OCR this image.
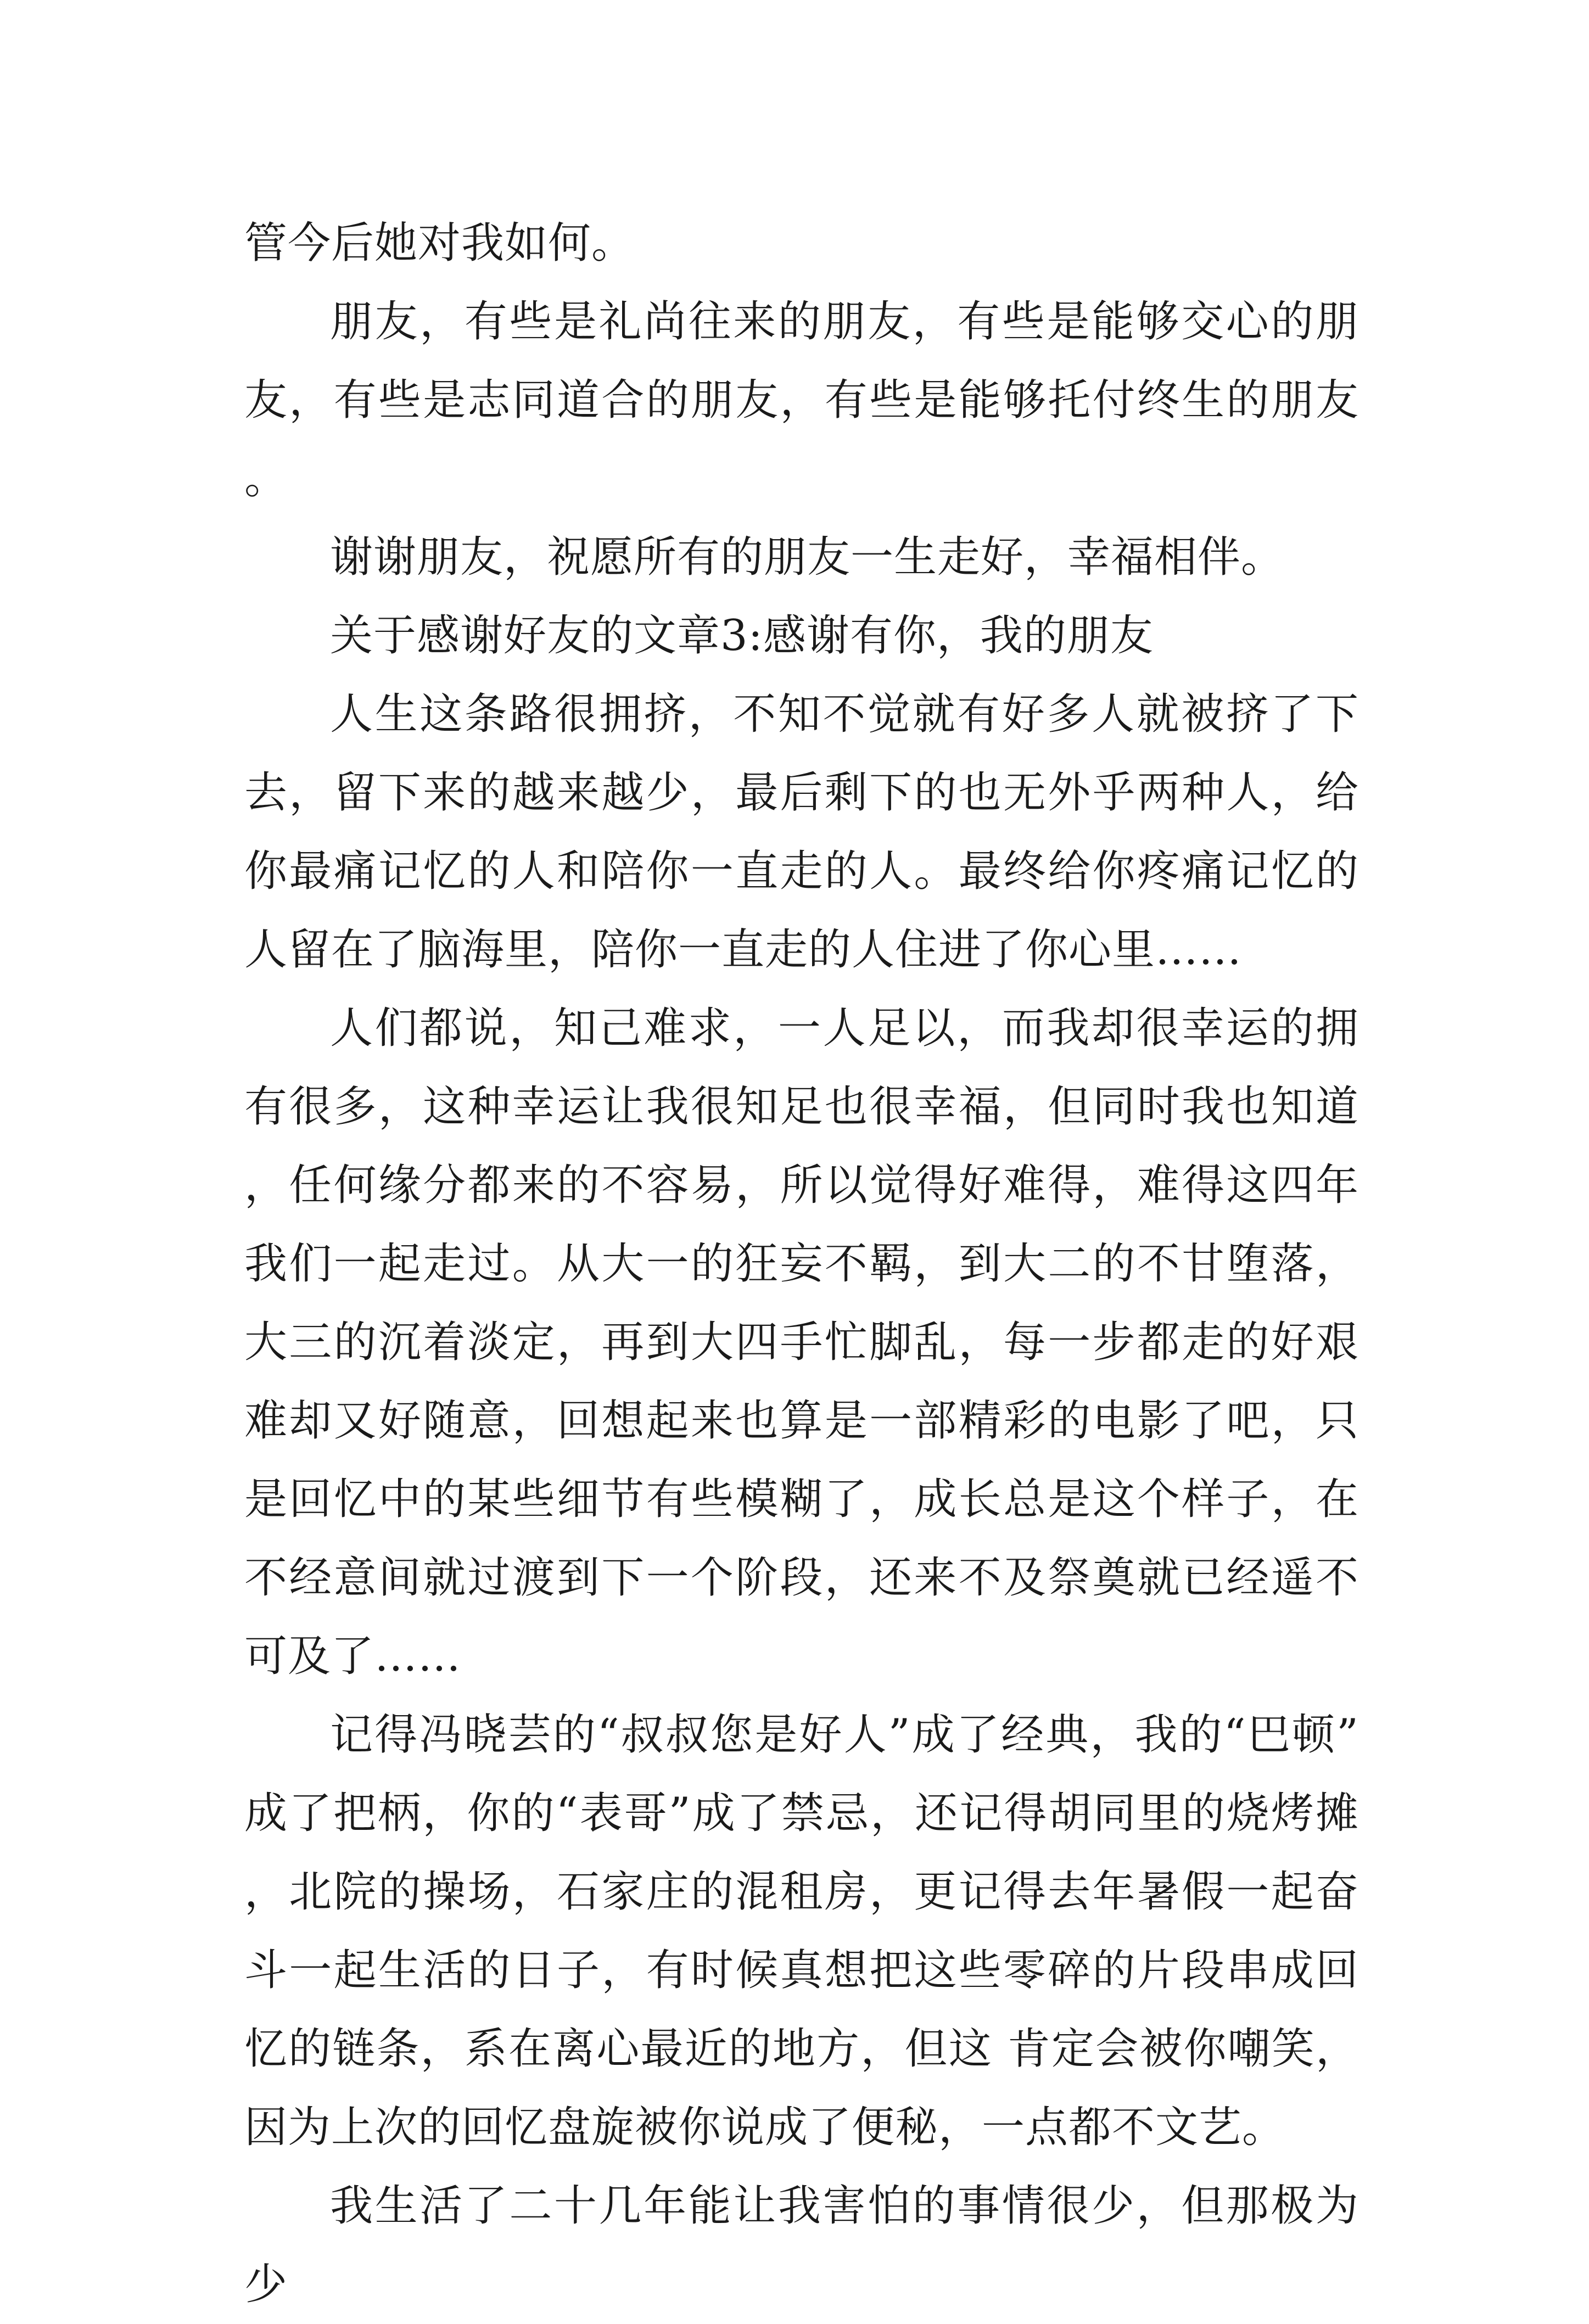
管今后她对我如何。

朋友，有些是礼尚往来的朋友，有些是能够交心的朋友，有些是志同道合的朋友，有些是能够托付终生的朋友。

谢谢朋友，祝愿所有的朋友一生走好，幸福相伴。

关于感谢好友的文章3:感谢有你，我的朋友

人生这条路很拥挤，不知不觉就有好多人就被挤了下去，留下来的越来越少，最后剩下的也无外乎两种人，给你最痛记忆的人和陪你一直走的人。最终给你疼痛记忆的人留在了脑海里，陪你一直走的人住进了你心里……

人们都说，知己难求，一人足以，而我却很幸运的拥有很多，这种幸运让我很知足也很幸福，但同时我也知道，任何缘分都来的不容易，所以觉得好难得，难得这四年我们一起走过。从大一的狂妄不羁，到大二的不甘堕落，大三的沉着淡定，再到大四手忙脚乱，每一步都走的好艰难却又好随意，回想起来也算是一部精彩的电影了吧，只是回忆中的某些细节有些模糊了，成长总是这个样子，在不经意间就过渡到下一个阶段，还来不及祭奠就已经遥不可及了……

记得冯晓芸的“叔叔您是好人”成了经典，我的“巴顿”成了把柄，你的“表哥”成了禁忌，还记得胡同里的烧烤摊，北院的操场，石家庄的混租房，更记得去年暑假一起奋斗一起生活的日子，有时候真想把这些零碎的片段串成回忆的链条，系在离心最近的地方，但这 肯定会被你嘲笑，因为上次的回忆盘旋被你说成了便秘，一点都不文艺。

我生活了二十几年能让我害怕的事情很少，但那极为少
